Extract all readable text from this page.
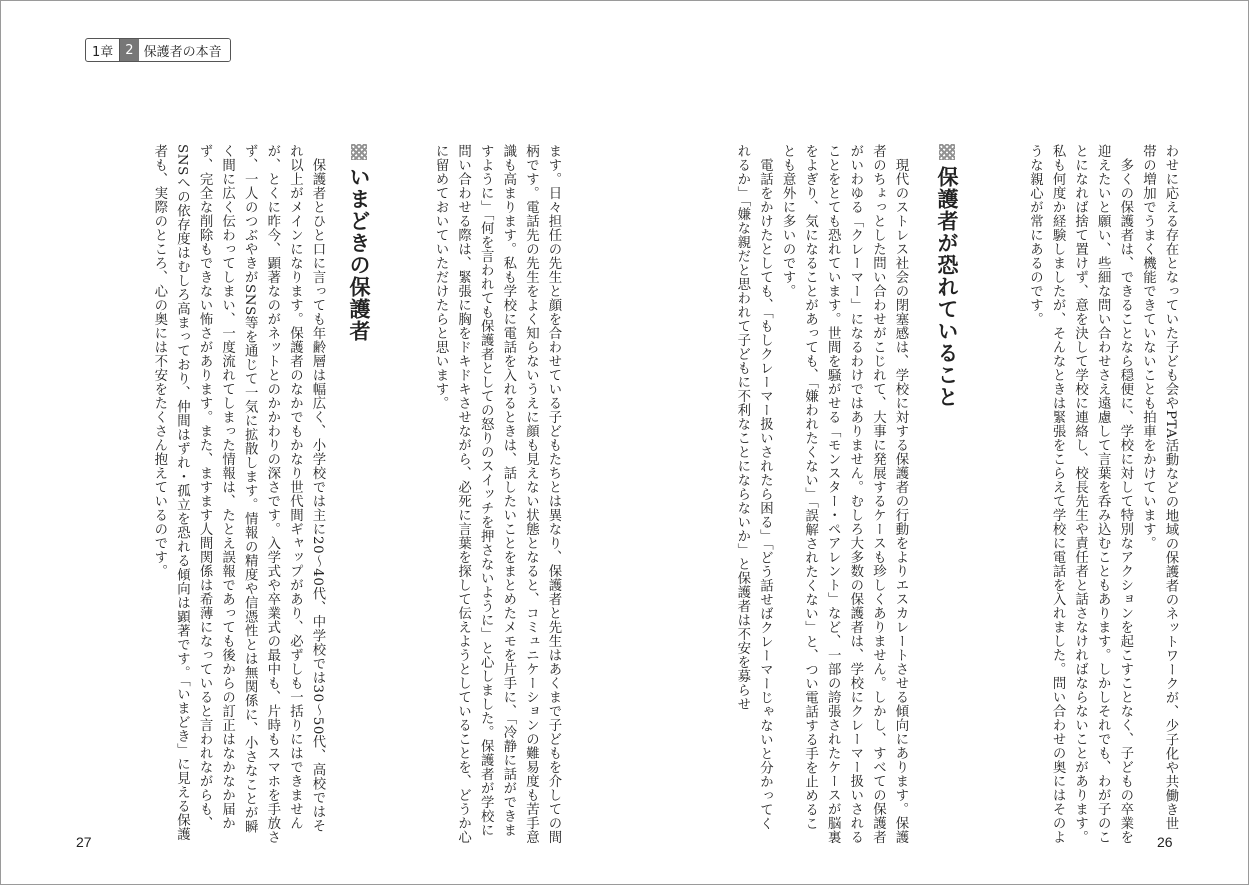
1章 2 保護者の本音

わせに応える存在となっていた子ども会やPTA活動などの地域の保護者のネットワークが、少子化や共働き世帯の増加でうまく機能できていないことも拍車をかけています。

　多くの保護者は、できることなら穏便に、学校に対して特別なアクションを起こすことなく、子どもの卒業を迎えたいと願い、些細な問い合わせさえ遠慮して言葉を呑み込むこともあります。しかしそれでも、わが子のことになれば捨て置けず、意を決して学校に連絡し、校長先生や責任者と話さなければならないことがあります。私も何度か経験しましたが、そんなときは緊張をこらえて学校に電話を入れました。問い合わせの奥にはそのような親心が常にあるのです。

保護者が恐れていること

　現代のストレス社会の閉塞感は、学校に対する保護者の行動をよりエスカレートさせる傾向にあります。保護者のちょっとした問い合わせがこじれて、大事に発展するケースも珍しくありません。しかし、すべての保護者がいわゆる「クレーマー」になるわけではありません。むしろ大多数の保護者は、学校にクレーマー扱いされることをとても恐れています。世間を騒がせる「モンスター・ペアレント」など、一部の誇張されたケースが脳裏をよぎり、気になることがあっても、「嫌われたくない」「誤解されたくない」と、つい電話する手を止めることも意外に多いのです。

　電話をかけたとしても、「もしクレーマー扱いされたら困る」「どう話せばクレーマーじゃないと分かってくれるか」「嫌な親だと思われて子どもに不利なことにならないか」と保護者は不安を募らせ

ます。日々担任の先生と顔を合わせている子どもたちとは異なり、保護者と先生はあくまで子どもを介しての間柄です。電話先の先生をよく知らないうえに顔も見えない状態となると、コミュニケーションの難易度も苦手意識も高まります。私も学校に電話を入れるときは、話したいことをまとめたメモを片手に、「冷静に話ができますように」「何を言われても保護者としての怒りのスイッチを押さないように」と心しました。保護者が学校に問い合わせる際は、緊張に胸をドキドキさせながら、必死に言葉を探して伝えようとしていることを、どうか心に留めておいていただけたらと思います。

いまどきの保護者

　保護者とひと口に言っても年齢層は幅広く、小学校では主に20～40代、中学校では30～50代、高校ではそれ以上がメインになります。保護者のなかでもかなり世代間ギャップがあり、必ずしも一括りにはできませんが、とくに昨今、顕著なのがネットとのかかわりの深さです。入学式や卒業式の最中も、片時もスマホを手放さず、一人のつぶやきがSNS等を通じて一気に拡散します。情報の精度や信憑性とは無関係に、小さなことが瞬く間に広く伝わってしまい、一度流れてしまった情報は、たとえ誤報であっても後からの訂正はなかなか届かず、完全な削除もできない怖さがあります。また、ますます人間関係は希薄になっていると言われながらも、SNSへの依存度はむしろ高まっており、仲間はずれ・孤立を恐れる傾向は顕著です。「いまどき」に見える保護者も、実際のところ、心の奥には不安をたくさん抱えているのです。

27	26
